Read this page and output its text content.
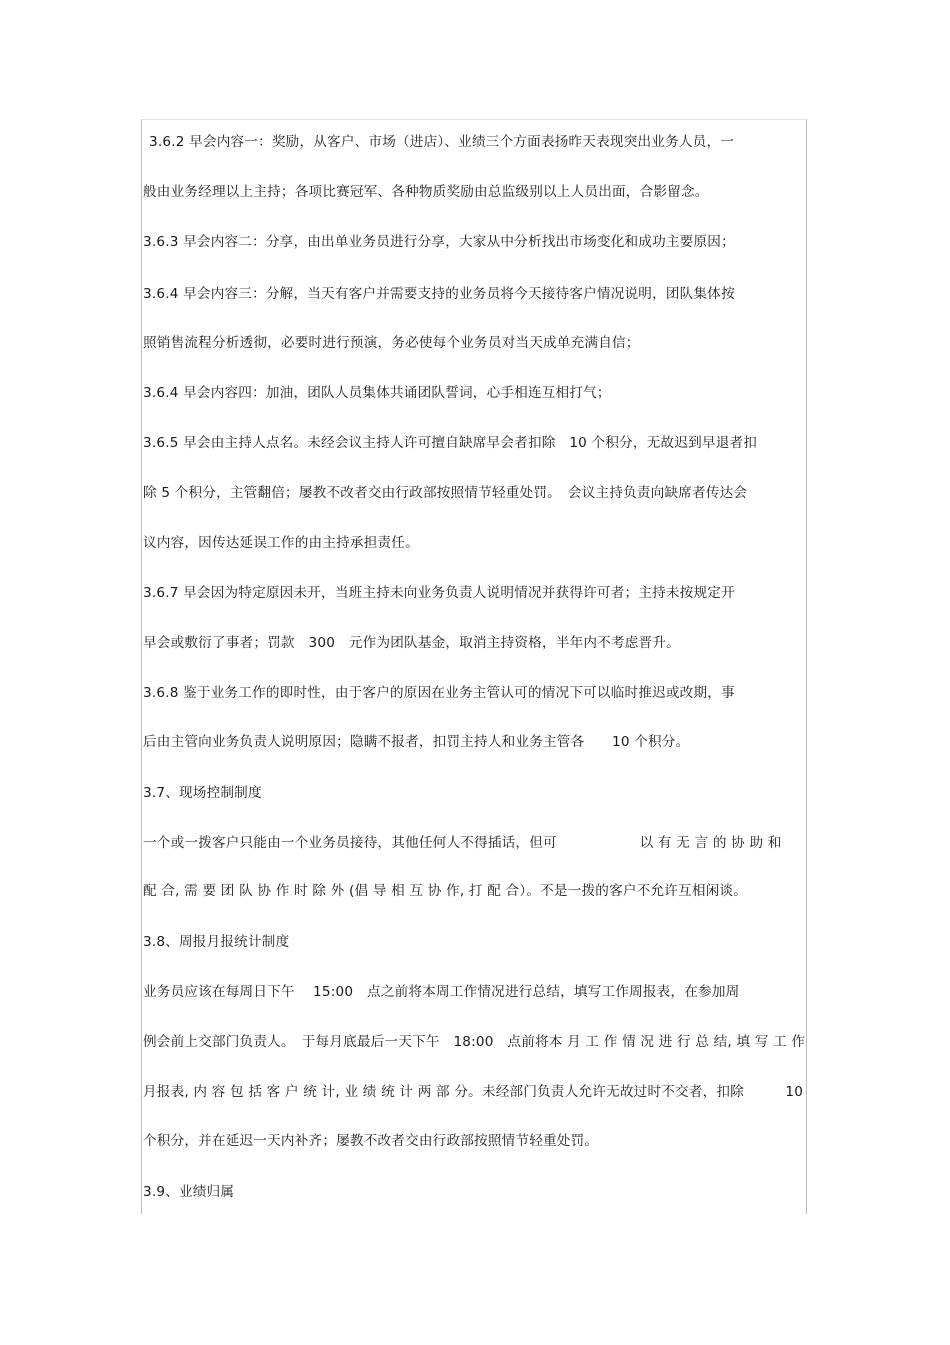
3.6.2 早会内容一：奖励，从客户、市场（进店）、业绩三个方面表扬昨天表现突出业务人员，一
般由业务经理以上主持；各项比赛冠军、各种物质奖励由总监级别以上人员出面，合影留念。
3.6.3 早会内容二：分享，由出单业务员进行分享，大家从中分析找出市场变化和成功主要原因；
3.6.4 早会内容三：分解，当天有客户并需要支持的业务员将今天接待客户情况说明，团队集体按
照销售流程分析透彻，必要时进行预演，务必使每个业务员对当天成单充满自信；
3.6.4 早会内容四：加油，团队人员集体共诵团队誓词，心手相连互相打气；
3.6.5 早会由主持人点名。未经会议主持人许可擅自缺席早会者扣除　10 个积分，无故迟到早退者扣
除 5 个积分，主管翻倍；屡教不改者交由行政部按照情节轻重处罚。　会议主持负责向缺席者传达会
议内容，因传达延误工作的由主持承担责任。
3.6.7 早会因为特定原因未开，当班主持未向业务负责人说明情况并获得许可者；主持未按规定开
早会或敷衍了事者；罚款　300　元作为团队基金，取消主持资格，半年内不考虑晋升。
3.6.8 鉴于业务工作的即时性，由于客户的原因在业务主管认可的情况下可以临时推迟或改期，事
后由主管向业务负责人说明原因；隐瞒不报者，扣罚主持人和业务主管各　　10 个积分。
3.7、现场控制制度
一个或一拨客户只能由一个业务员接待，其他任何人不得插话，但可　　　　　　以 有 无 言 的 协 助 和
配 合, 需 要 团 队 协 作 时 除 外 (倡 导 相 互 协 作, 打 配 合）。不是一拨的客户不允许互相闲谈。
3.8、周报月报统计制度
业务员应该在每周日下午　 15:00　点之前将本周工作情况进行总结，填写工作周报表，在参加周
例会前上交部门负责人。　于每月底最后一天下午　18:00　点前将本 月 工 作 情 况 进 行 总 结, 填 写 工 作
月报表, 内 容 包 括 客 户 统 计, 业 绩 统 计 两 部 分。未经部门负责人允许无故过时不交者，扣除　　　10
个积分，并在延迟一天内补齐；屡教不改者交由行政部按照情节轻重处罚。
3.9、业绩归属
